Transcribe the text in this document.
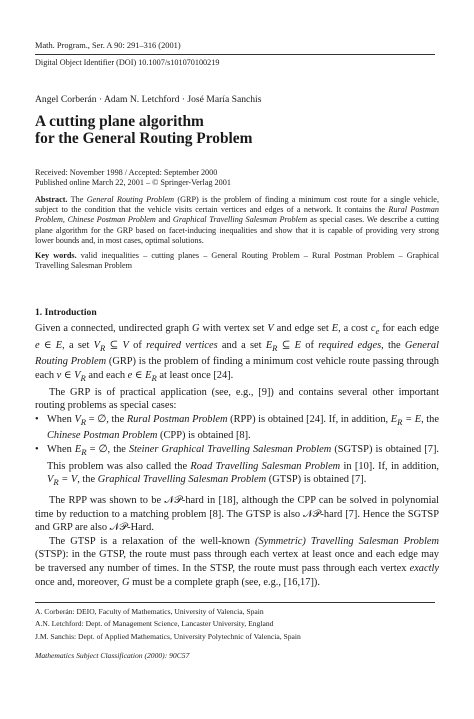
Math. Program., Ser. A 90: 291–316 (2001)
Digital Object Identifier (DOI) 10.1007/s101070100219
Angel Corberán · Adam N. Letchford · José María Sanchis
A cutting plane algorithm
for the General Routing Problem
Received: November 1998 / Accepted: September 2000
Published online March 22, 2001 – © Springer-Verlag 2001
Abstract. The General Routing Problem (GRP) is the problem of finding a minimum cost route for a single vehicle, subject to the condition that the vehicle visits certain vertices and edges of a network. It contains the Rural Postman Problem, Chinese Postman Problem and Graphical Travelling Salesman Problem as special cases. We describe a cutting plane algorithm for the GRP based on facet-inducing inequalities and show that it is capable of providing very strong lower bounds and, in most cases, optimal solutions.
Key words. valid inequalities – cutting planes – General Routing Problem – Rural Postman Problem – Graphical Travelling Salesman Problem
1. Introduction

Given a connected, undirected graph G with vertex set V and edge set E, a cost $c_e$ for each edge e ∈ E, a set $V_R$ ⊆ V of required vertices and a set $E_R$ ⊆ E of required edges, the General Routing Problem (GRP) is the problem of finding a minimum cost vehicle route passing through each v ∈ $V_R$ and each e ∈ $E_R$ at least once [24].

The GRP is of practical application (see, e.g., [9]) and contains several other important routing problems as special cases:

• When $V_R$ = ∅, the Rural Postman Problem (RPP) is obtained [24]. If, in addition, $E_R = E$, the Chinese Postman Problem (CPP) is obtained [8].
• When $E_R$ = ∅, the Steiner Graphical Travelling Salesman Problem (SGTSP) is obtained [7]. This problem was also called the Road Travelling Salesman Problem in [10]. If, in addition, $V_R = V$, the Graphical Travelling Salesman Problem (GTSP) is obtained [7].

The RPP was shown to be 𝒩𝒫-hard in [18], although the CPP can be solved in polynomial time by reduction to a matching problem [8]. The GTSP is also 𝒩𝒫-hard [7]. Hence the SGTSP and GRP are also 𝒩𝒫-Hard.

The GTSP is a relaxation of the well-known (Symmetric) Travelling Salesman Problem (STSP): in the GTSP, the route must pass through each vertex at least once and each edge may be traversed any number of times. In the STSP, the route must pass through each vertex exactly once and, moreover, G must be a complete graph (see, e.g., [16,17]).

A. Corberán: DEIO, Faculty of Mathematics, University of Valencia, Spain
A.N. Letchford: Dept. of Management Science, Lancaster University, England
J.M. Sanchis: Dept. of Applied Mathematics, University Polytechnic of Valencia, Spain
Mathematics Subject Classification (2000): 90C57
